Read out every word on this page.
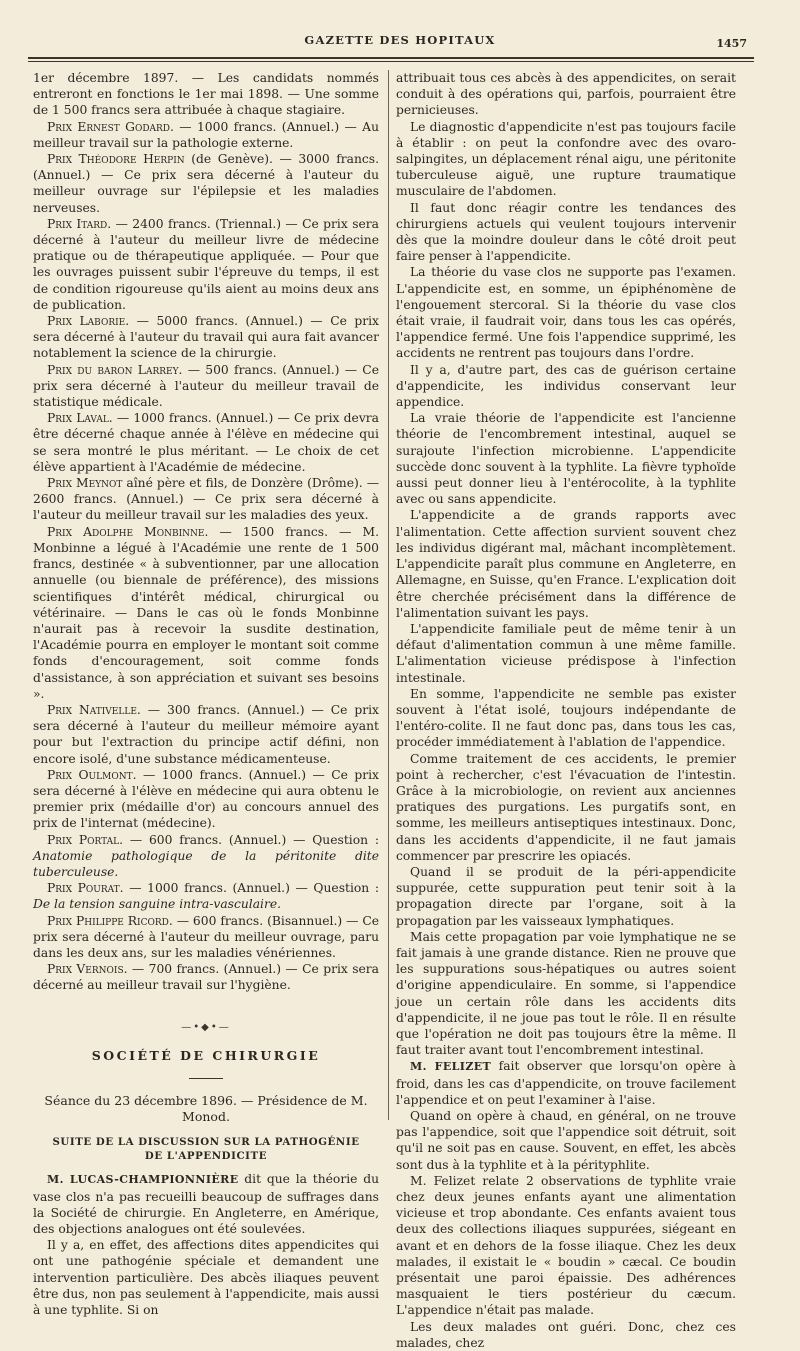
GAZETTE DES HOPITAUX	1457

1er décembre 1897. — Les candidats nommés entreront en fonctions le 1er mai 1898. — Une somme de 1 500 francs sera attribuée à chaque stagiaire.

Prix Ernest Godard. — 1000 francs. (Annuel.) — Au meilleur travail sur la pathologie externe.

Prix Théodore Herpin (de Genève). — 3000 francs. (Annuel.) — Ce prix sera décerné à l'auteur du meilleur ouvrage sur l'épilepsie et les maladies nerveuses.

Prix Itard. — 2400 francs. (Triennal.) — Ce prix sera décerné à l'auteur du meilleur livre de médecine pratique ou de thérapeutique appliquée. — Pour que les ouvrages puissent subir l'épreuve du temps, il est de condition rigoureuse qu'ils aient au moins deux ans de publication.

Prix Laborie. — 5000 francs. (Annuel.) — Ce prix sera décerné à l'auteur du travail qui aura fait avancer notablement la science de la chirurgie.

Prix du baron Larrey. — 500 francs. (Annuel.) — Ce prix sera décerné à l'auteur du meilleur travail de statistique médicale.

Prix Laval. — 1000 francs. (Annuel.) — Ce prix devra être décerné chaque année à l'élève en médecine qui se sera montré le plus méritant. — Le choix de cet élève appartient à l'Académie de médecine.

Prix Meynot aîné père et fils, de Donzère (Drôme). — 2600 francs. (Annuel.) — Ce prix sera décerné à l'auteur du meilleur travail sur les maladies des yeux.

Prix Adolphe Monbinne. — 1500 francs. — M. Monbinne a légué à l'Académie une rente de 1 500 francs, destinée « à subventionner, par une allocation annuelle (ou biennale de préférence), des missions scientifiques d'intérêt médical, chirurgical ou vétérinaire. — Dans le cas où le fonds Monbinne n'aurait pas à recevoir la susdite destination, l'Académie pourra en employer le montant soit comme fonds d'encouragement, soit comme fonds d'assistance, à son appréciation et suivant ses besoins ».

Prix Nativelle. — 300 francs. (Annuel.) — Ce prix sera décerné à l'auteur du meilleur mémoire ayant pour but l'extraction du principe actif défini, non encore isolé, d'une substance médicamenteuse.

Prix Oulmont. — 1000 francs. (Annuel.) — Ce prix sera décerné à l'élève en médecine qui aura obtenu le premier prix (médaille d'or) au concours annuel des prix de l'internat (médecine).

Prix Portal. — 600 francs. (Annuel.) — Question : Anatomie pathologique de la péritonite dite tuberculeuse.

Prix Pourat. — 1000 francs. (Annuel.) — Question : De la tension sanguine intra-vasculaire.

Prix Philippe Ricord. — 600 francs. (Bisannuel.) — Ce prix sera décerné à l'auteur du meilleur ouvrage, paru dans les deux ans, sur les maladies vénériennes.

Prix Vernois. — 700 francs. (Annuel.) — Ce prix sera décerné au meilleur travail sur l'hygiène.

—•◆•—
SOCIÉTÉ DE CHIRURGIE
Séance du 23 décembre 1896. — Présidence de M. Monod.
SUITE DE LA DISCUSSION SUR LA PATHOGÉNIE
DE L'APPENDICITE

M. LUCAS-CHAMPIONNIÈRE dit que la théorie du vase clos n'a pas recueilli beaucoup de suffrages dans la Société de chirurgie. En Angleterre, en Amérique, des objections analogues ont été soulevées.

Il y a, en effet, des affections dites appendicites qui ont une pathogénie spéciale et demandent une intervention particulière. Des abcès iliaques peuvent être dus, non pas seulement à l'appendicite, mais aussi à une typhlite. Si on

attribuait tous ces abcès à des appendicites, on serait conduit à des opérations qui, parfois, pourraient être pernicieuses.

Le diagnostic d'appendicite n'est pas toujours facile à établir : on peut la confondre avec des ovaro-salpingites, un déplacement rénal aigu, une péritonite tuberculeuse aiguë, une rupture traumatique musculaire de l'abdomen.

Il faut donc réagir contre les tendances des chirurgiens actuels qui veulent toujours intervenir dès que la moindre douleur dans le côté droit peut faire penser à l'appendicite.

La théorie du vase clos ne supporte pas l'examen. L'appendicite est, en somme, un épiphénomène de l'engouement stercoral. Si la théorie du vase clos était vraie, il faudrait voir, dans tous les cas opérés, l'appendice fermé. Une fois l'appendice supprimé, les accidents ne rentrent pas toujours dans l'ordre.

Il y a, d'autre part, des cas de guérison certaine d'appendicite, les individus conservant leur appendice.

La vraie théorie de l'appendicite est l'ancienne théorie de l'encombrement intestinal, auquel se surajoute l'infection microbienne. L'appendicite succède donc souvent à la typhlite. La fièvre typhoïde aussi peut donner lieu à l'entérocolite, à la typhlite avec ou sans appendicite.

L'appendicite a de grands rapports avec l'alimentation. Cette affection survient souvent chez les individus digérant mal, mâchant incomplètement. L'appendicite paraît plus commune en Angleterre, en Allemagne, en Suisse, qu'en France. L'explication doit être cherchée précisément dans la différence de l'alimentation suivant les pays.

L'appendicite familiale peut de même tenir à un défaut d'alimentation commun à une même famille. L'alimentation vicieuse prédispose à l'infection intestinale.

En somme, l'appendicite ne semble pas exister souvent à l'état isolé, toujours indépendante de l'entéro-colite. Il ne faut donc pas, dans tous les cas, procéder immédiatement à l'ablation de l'appendice.

Comme traitement de ces accidents, le premier point à rechercher, c'est l'évacuation de l'intestin. Grâce à la microbiologie, on revient aux anciennes pratiques des purgations. Les purgatifs sont, en somme, les meilleurs antiseptiques intestinaux. Donc, dans les accidents d'appendicite, il ne faut jamais commencer par prescrire les opiacés.

Quand il se produit de la péri-appendicite suppurée, cette suppuration peut tenir soit à la propagation directe par l'organe, soit à la propagation par les vaisseaux lymphatiques.

Mais cette propagation par voie lymphatique ne se fait jamais à une grande distance. Rien ne prouve que les suppurations sous-hépatiques ou autres soient d'origine appendiculaire. En somme, si l'appendice joue un certain rôle dans les accidents dits d'appendicite, il ne joue pas tout le rôle. Il en résulte que l'opération ne doit pas toujours être la même. Il faut traiter avant tout l'encombrement intestinal.

M. FELIZET fait observer que lorsqu'on opère à froid, dans les cas d'appendicite, on trouve facilement l'appendice et on peut l'examiner à l'aise.

Quand on opère à chaud, en général, on ne trouve pas l'appendice, soit que l'appendice soit détruit, soit qu'il ne soit pas en cause. Souvent, en effet, les abcès sont dus à la typhlite et à la pérityphlite.

M. Felizet relate 2 observations de typhlite vraie chez deux jeunes enfants ayant une alimentation vicieuse et trop abondante. Ces enfants avaient tous deux des collections iliaques suppurées, siégeant en avant et en dehors de la fosse iliaque. Chez les deux malades, il existait le « boudin » cæcal. Ce boudin présentait une paroi épaissie. Des adhérences masquaient le tiers postérieur du cæcum. L'appendice n'était pas malade.

Les deux malades ont guéri. Donc, chez ces malades, chez
